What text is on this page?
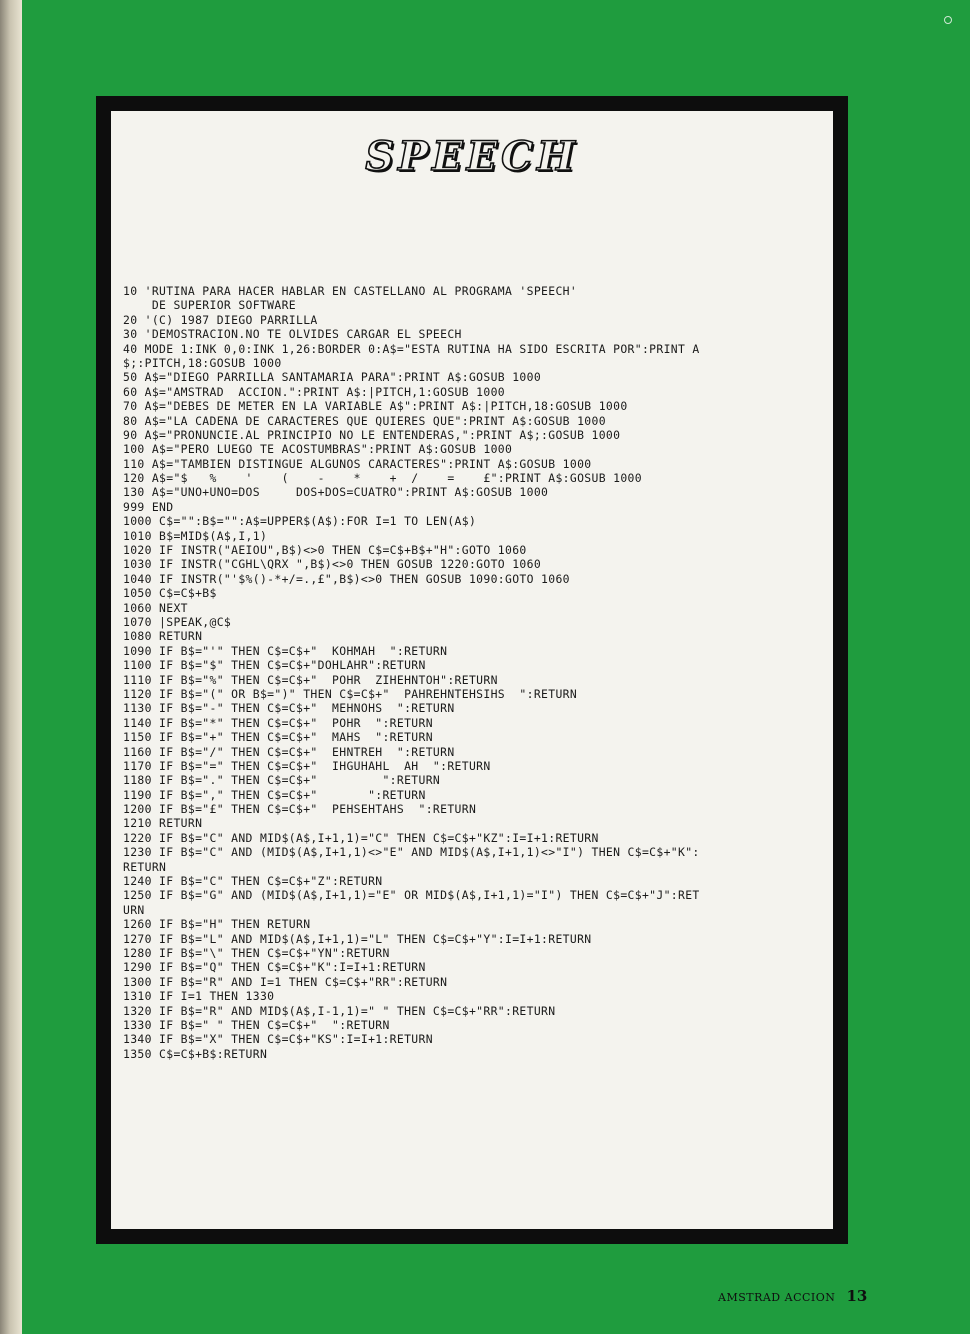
SPEECH
10 'RUTINA PARA HACER HABLAR EN CASTELLANO AL PROGRAMA 'SPEECH'
DE SUPERIOR SOFTWARE
20 '(C) 1987 DIEGO PARRILLA
30 'DEMOSTRACION.NO TE OLVIDES CARGAR EL SPEECH
40 MODE 1:INK 0,0:INK 1,26:BORDER 0:A$="ESTA RUTINA HA SIDO ESCRITA POR":PRINT A
$;:PITCH,18:GOSUB 1000
50 A$="DIEGO PARRILLA SANTAMARIA PARA":PRINT A$:GOSUB 1000
60 A$="AMSTRAD  ACCION.":PRINT A$:|PITCH,1:GOSUB 1000
70 A$="DEBES DE METER EN LA VARIABLE A$":PRINT A$:|PITCH,18:GOSUB 1000
80 A$="LA CADENA DE CARACTERES QUE QUIERES QUE":PRINT A$:GOSUB 1000
90 A$="PRONUNCIE.AL PRINCIPIO NO LE ENTENDERAS,":PRINT A$;:GOSUB 1000
100 A$="PERO LUEGO TE ACOSTUMBRAS":PRINT A$:GOSUB 1000
110 A$="TAMBIEN DISTINGUE ALGUNOS CARACTERES":PRINT A$:GOSUB 1000
120 A$="$   %    '    (    -    *    +  /    =    £":PRINT A$:GOSUB 1000
130 A$="UNO+UNO=DOS     DOS+DOS=CUATRO":PRINT A$:GOSUB 1000
999 END
1000 C$="":B$="":A$=UPPER$(A$):FOR I=1 TO LEN(A$)
1010 B$=MID$(A$,I,1)
1020 IF INSTR("AEIOU",B$)<>0 THEN C$=C$+B$+"H":GOTO 1060
1030 IF INSTR("CGHL\QRX ",B$)<>0 THEN GOSUB 1220:GOTO 1060
1040 IF INSTR("'$%()-*+/=.,£",B$)<>0 THEN GOSUB 1090:GOTO 1060
1050 C$=C$+B$
1060 NEXT
1070 |SPEAK,@C$
1080 RETURN
1090 IF B$="'" THEN C$=C$+"  KOHMAH  ":RETURN
1100 IF B$="$" THEN C$=C$+"DOHLAHR":RETURN
1110 IF B$="%" THEN C$=C$+"  POHR  ZIHEHNTOH":RETURN
1120 IF B$="(" OR B$=")" THEN C$=C$+"  PAHREHNTEHSIHS  ":RETURN
1130 IF B$="-" THEN C$=C$+"  MEHNOHS  ":RETURN
1140 IF B$="*" THEN C$=C$+"  POHR  ":RETURN
1150 IF B$="+" THEN C$=C$+"  MAHS  ":RETURN
1160 IF B$="/" THEN C$=C$+"  EHNTREH  ":RETURN
1170 IF B$="=" THEN C$=C$+"  IHGUHAHL  AH  ":RETURN
1180 IF B$="." THEN C$=C$+"         ":RETURN
1190 IF B$="," THEN C$=C$+"       ":RETURN
1200 IF B$="£" THEN C$=C$+"  PEHSEHTAHS  ":RETURN
1210 RETURN
1220 IF B$="C" AND MID$(A$,I+1,1)="C" THEN C$=C$+"KZ":I=I+1:RETURN
1230 IF B$="C" AND (MID$(A$,I+1,1)<>"E" AND MID$(A$,I+1,1)<>"I") THEN C$=C$+"K":
RETURN
1240 IF B$="C" THEN C$=C$+"Z":RETURN
1250 IF B$="G" AND (MID$(A$,I+1,1)="E" OR MID$(A$,I+1,1)="I") THEN C$=C$+"J":RET
URN
1260 IF B$="H" THEN RETURN
1270 IF B$="L" AND MID$(A$,I+1,1)="L" THEN C$=C$+"Y":I=I+1:RETURN
1280 IF B$="\" THEN C$=C$+"YN":RETURN
1290 IF B$="Q" THEN C$=C$+"K":I=I+1:RETURN
1300 IF B$="R" AND I=1 THEN C$=C$+"RR":RETURN
1310 IF I=1 THEN 1330
1320 IF B$="R" AND MID$(A$,I-1,1)=" " THEN C$=C$+"RR":RETURN
1330 IF B$=" " THEN C$=C$+"  ":RETURN
1340 IF B$="X" THEN C$=C$+"KS":I=I+1:RETURN
1350 C$=C$+B$:RETURN
AMSTRAD ACCION 13
